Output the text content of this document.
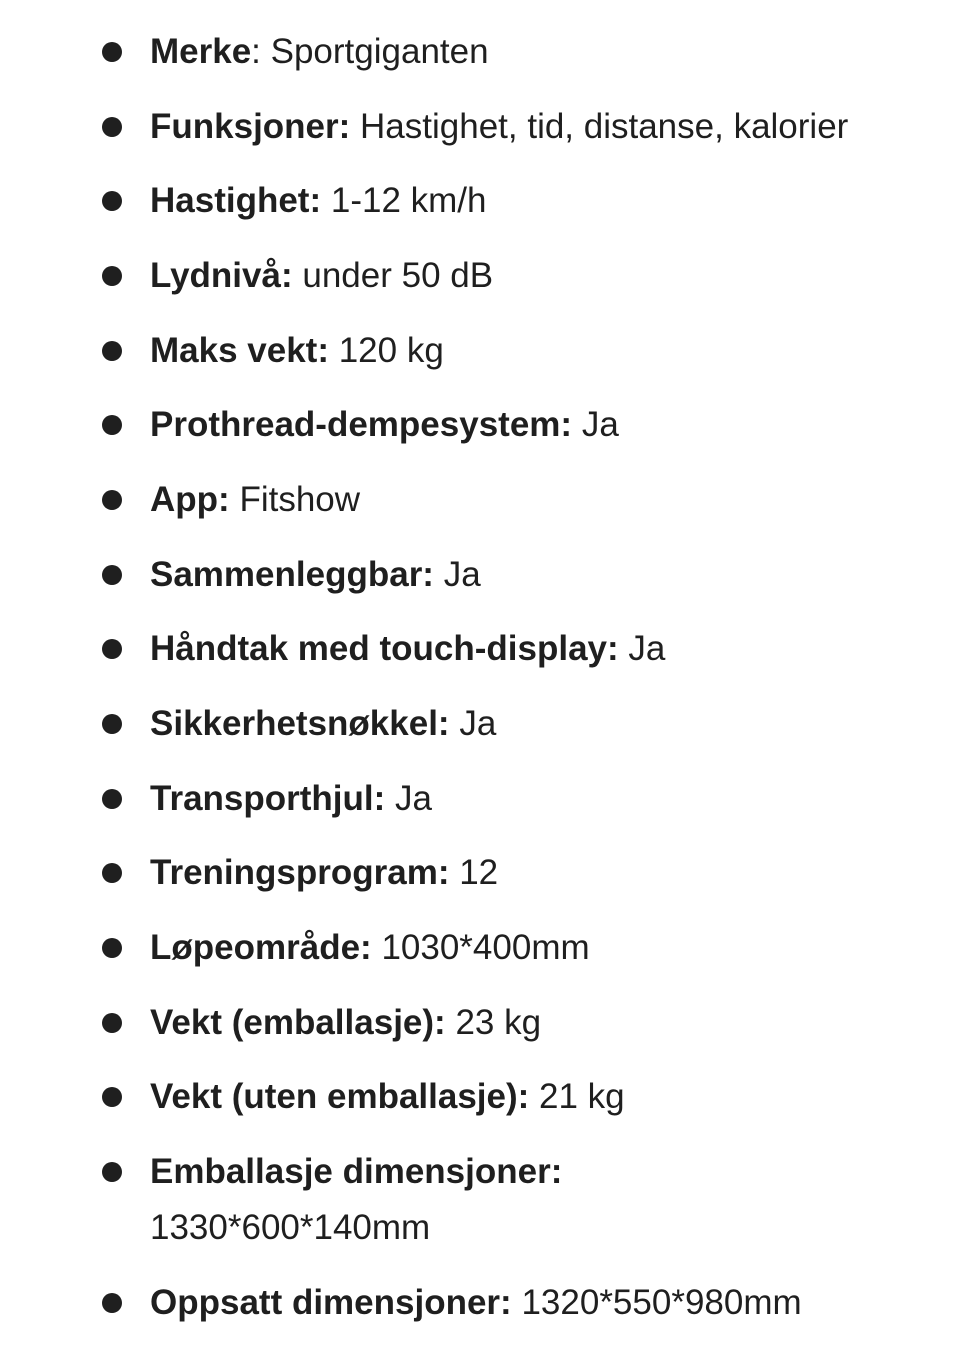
Merke: Sportgiganten
Funksjoner: Hastighet, tid, distanse, kalorier
Hastighet: 1-12 km/h
Lydnivå: under 50 dB
Maks vekt: 120 kg
Prothread-dempesystem: Ja
App: Fitshow
Sammenleggbar: Ja
Håndtak med touch-display: Ja
Sikkerhetsnøkkel: Ja
Transporthjul: Ja
Treningsprogram: 12
Løpeområde: 1030*400mm
Vekt (emballasje): 23 kg
Vekt (uten emballasje): 21 kg
Emballasje dimensjoner:
1330*600*140mm
Oppsatt dimensjoner: 1320*550*980mm
